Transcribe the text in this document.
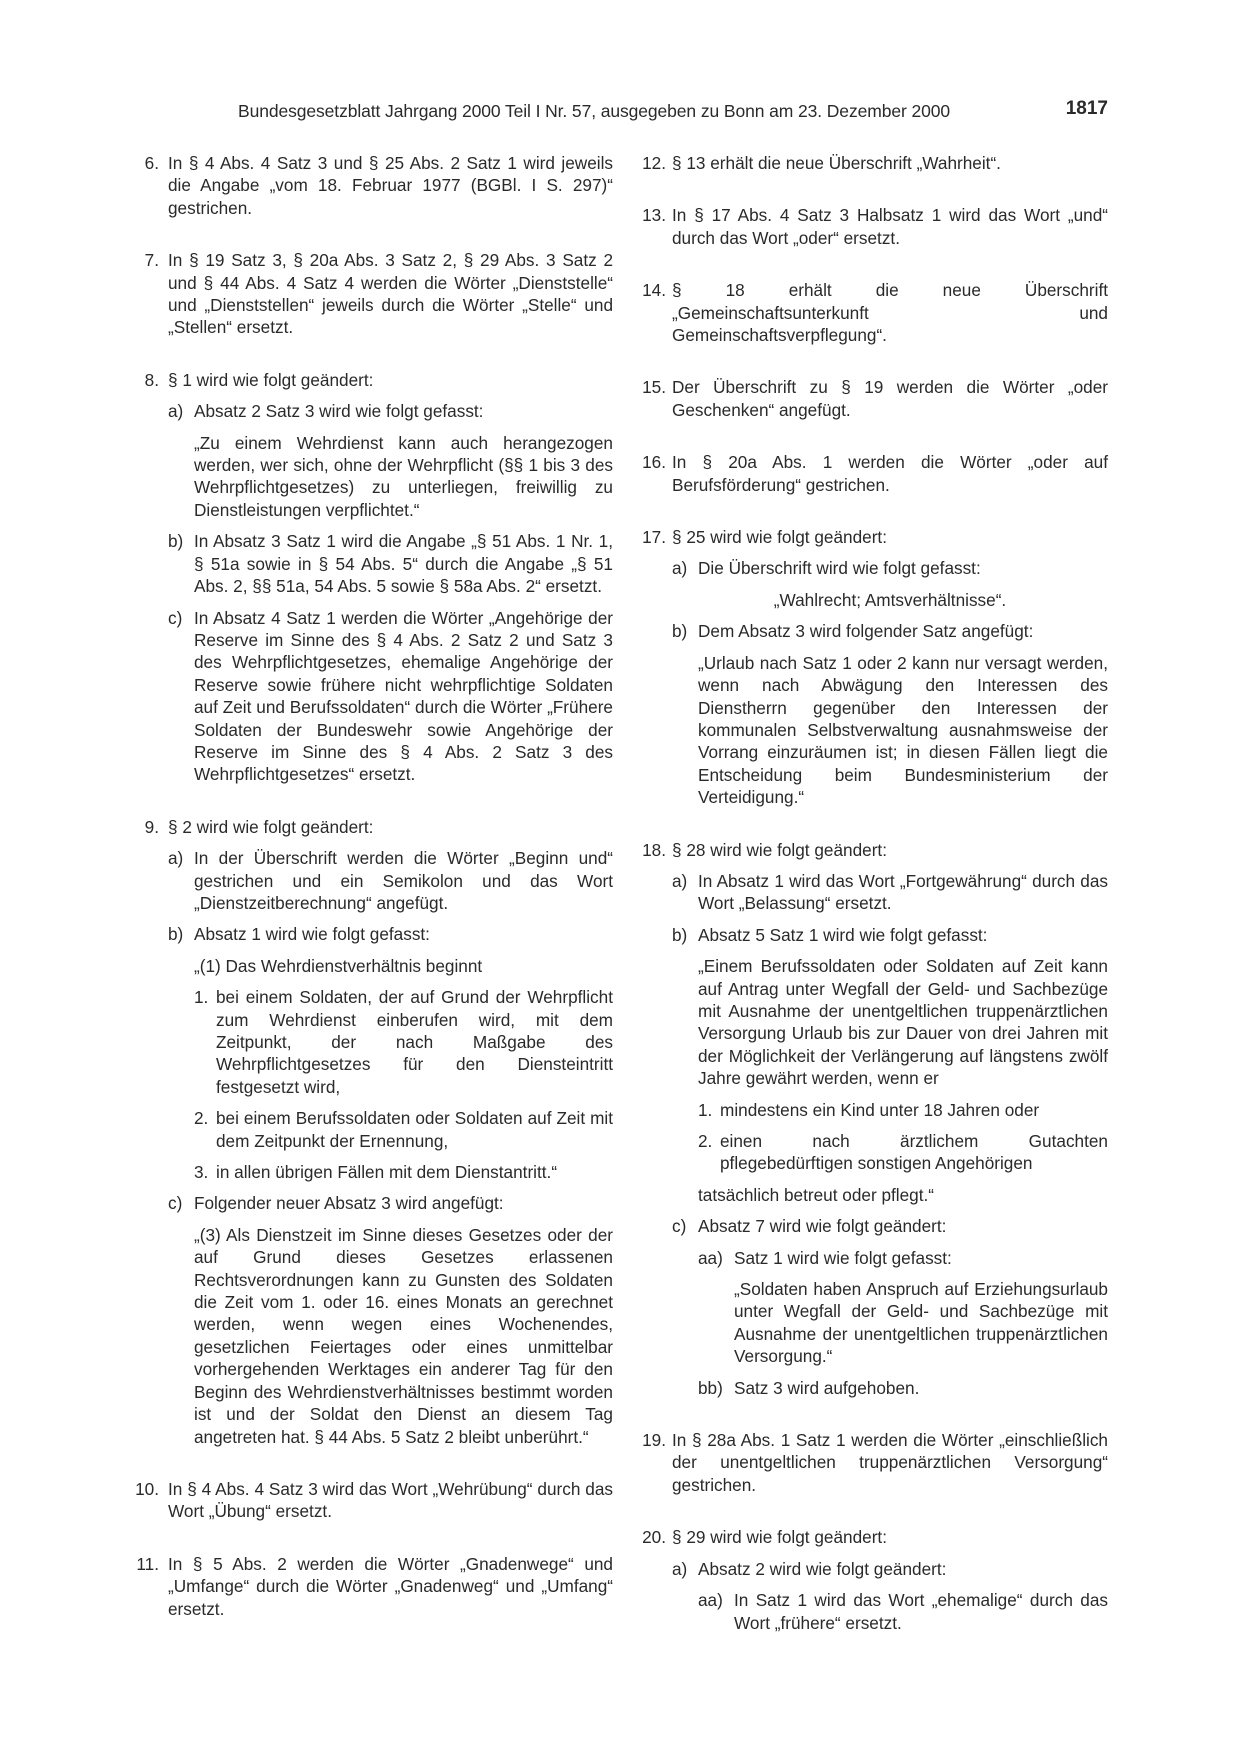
Bundesgesetzblatt Jahrgang 2000 Teil I Nr. 57, ausgegeben zu Bonn am 23. Dezember 2000	1817
6. In § 4 Abs. 4 Satz 3 und § 25 Abs. 2 Satz 1 wird jeweils die Angabe „vom 18. Februar 1977 (BGBl. I S. 297)“ gestrichen.
7. In § 19 Satz 3, § 20a Abs. 3 Satz 2, § 29 Abs. 3 Satz 2 und § 44 Abs. 4 Satz 4 werden die Wörter „Dienststelle“ und „Dienststellen“ jeweils durch die Wörter „Stelle“ und „Stellen“ ersetzt.
8. § 1 wird wie folgt geändert:
a) Absatz 2 Satz 3 wird wie folgt gefasst:
„Zu einem Wehrdienst kann auch herangezogen werden, wer sich, ohne der Wehrpflicht (§§ 1 bis 3 des Wehrpflichtgesetzes) zu unterliegen, freiwillig zu Dienstleistungen verpflichtet.“
b) In Absatz 3 Satz 1 wird die Angabe „§ 51 Abs. 1 Nr. 1, § 51a sowie in § 54 Abs. 5“ durch die Angabe „§ 51 Abs. 2, §§ 51a, 54 Abs. 5 sowie § 58a Abs. 2“ ersetzt.
c) In Absatz 4 Satz 1 werden die Wörter „Angehörige der Reserve im Sinne des § 4 Abs. 2 Satz 2 und Satz 3 des Wehrpflichtgesetzes, ehemalige Angehörige der Reserve sowie frühere nicht wehrpflichtige Soldaten auf Zeit und Berufssoldaten“ durch die Wörter „Frühere Soldaten der Bundeswehr sowie Angehörige der Reserve im Sinne des § 4 Abs. 2 Satz 3 des Wehrpflichtgesetzes“ ersetzt.
9. § 2 wird wie folgt geändert:
a) In der Überschrift werden die Wörter „Beginn und“ gestrichen und ein Semikolon und das Wort „Dienstzeitberechnung“ angefügt.
b) Absatz 1 wird wie folgt gefasst:
„(1) Das Wehrdienstverhältnis beginnt
1. bei einem Soldaten, der auf Grund der Wehrpflicht zum Wehrdienst einberufen wird, mit dem Zeitpunkt, der nach Maßgabe des Wehrpflichtgesetzes für den Diensteintritt festgesetzt wird,
2. bei einem Berufssoldaten oder Soldaten auf Zeit mit dem Zeitpunkt der Ernennung,
3. in allen übrigen Fällen mit dem Dienstantritt.“
c) Folgender neuer Absatz 3 wird angefügt:
„(3) Als Dienstzeit im Sinne dieses Gesetzes oder der auf Grund dieses Gesetzes erlassenen Rechtsverordnungen kann zu Gunsten des Soldaten die Zeit vom 1. oder 16. eines Monats an gerechnet werden, wenn wegen eines Wochenendes, gesetzlichen Feiertages oder eines unmittelbar vorhergehenden Werktages ein anderer Tag für den Beginn des Wehrdienstverhältnisses bestimmt worden ist und der Soldat den Dienst an diesem Tag angetreten hat. § 44 Abs. 5 Satz 2 bleibt unberührt.“
10. In § 4 Abs. 4 Satz 3 wird das Wort „Wehrübung“ durch das Wort „Übung“ ersetzt.
11. In § 5 Abs. 2 werden die Wörter „Gnadenwege“ und „Umfange“ durch die Wörter „Gnadenweg“ und „Umfang“ ersetzt.
12. § 13 erhält die neue Überschrift „Wahrheit“.
13. In § 17 Abs. 4 Satz 3 Halbsatz 1 wird das Wort „und“ durch das Wort „oder“ ersetzt.
14. § 18 erhält die neue Überschrift „Gemeinschaftsunterkunft und Gemeinschaftsverpflegung“.
15. Der Überschrift zu § 19 werden die Wörter „oder Geschenken“ angefügt.
16. In § 20a Abs. 1 werden die Wörter „oder auf Berufsförderung“ gestrichen.
17. § 25 wird wie folgt geändert:
a) Die Überschrift wird wie folgt gefasst:
„Wahlrecht; Amtsverhältnisse“.
b) Dem Absatz 3 wird folgender Satz angefügt:
„Urlaub nach Satz 1 oder 2 kann nur versagt werden, wenn nach Abwägung den Interessen des Dienstherrn gegenüber den Interessen der kommunalen Selbstverwaltung ausnahmsweise der Vorrang einzuräumen ist; in diesen Fällen liegt die Entscheidung beim Bundesministerium der Verteidigung.“
18. § 28 wird wie folgt geändert:
a) In Absatz 1 wird das Wort „Fortgewährung“ durch das Wort „Belassung“ ersetzt.
b) Absatz 5 Satz 1 wird wie folgt gefasst:
„Einem Berufssoldaten oder Soldaten auf Zeit kann auf Antrag unter Wegfall der Geld- und Sachbezüge mit Ausnahme der unentgeltlichen truppenärztlichen Versorgung Urlaub bis zur Dauer von drei Jahren mit der Möglichkeit der Verlängerung auf längstens zwölf Jahre gewährt werden, wenn er
1. mindestens ein Kind unter 18 Jahren oder
2. einen nach ärztlichem Gutachten pflegebedürftigen sonstigen Angehörigen
tatsächlich betreut oder pflegt.“
c) Absatz 7 wird wie folgt geändert:
aa) Satz 1 wird wie folgt gefasst:
„Soldaten haben Anspruch auf Erziehungsurlaub unter Wegfall der Geld- und Sachbezüge mit Ausnahme der unentgeltlichen truppenärztlichen Versorgung.“
bb) Satz 3 wird aufgehoben.
19. In § 28a Abs. 1 Satz 1 werden die Wörter „einschließlich der unentgeltlichen truppenärztlichen Versorgung“ gestrichen.
20. § 29 wird wie folgt geändert:
a) Absatz 2 wird wie folgt geändert:
aa) In Satz 1 wird das Wort „ehemalige“ durch das Wort „frühere“ ersetzt.
